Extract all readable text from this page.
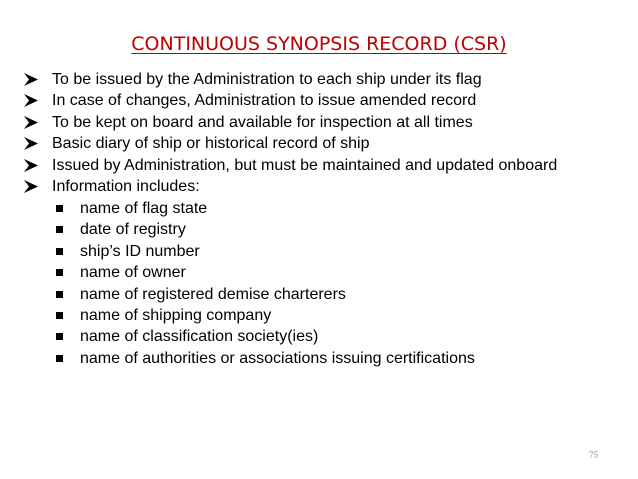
CONTINUOUS SYNOPSIS RECORD (CSR)
To be issued by the Administration to each ship under its flag
In case of changes, Administration to issue amended record
To be kept on board and available for inspection at all times
Basic diary of ship or historical record of ship
Issued by Administration, but must be maintained and updated onboard
Information includes:
name of flag state
date of registry
ship’s ID number
name of owner
name of registered demise charterers
name of shipping company
name of classification society(ies)
name of authorities or associations issuing certifications
75
